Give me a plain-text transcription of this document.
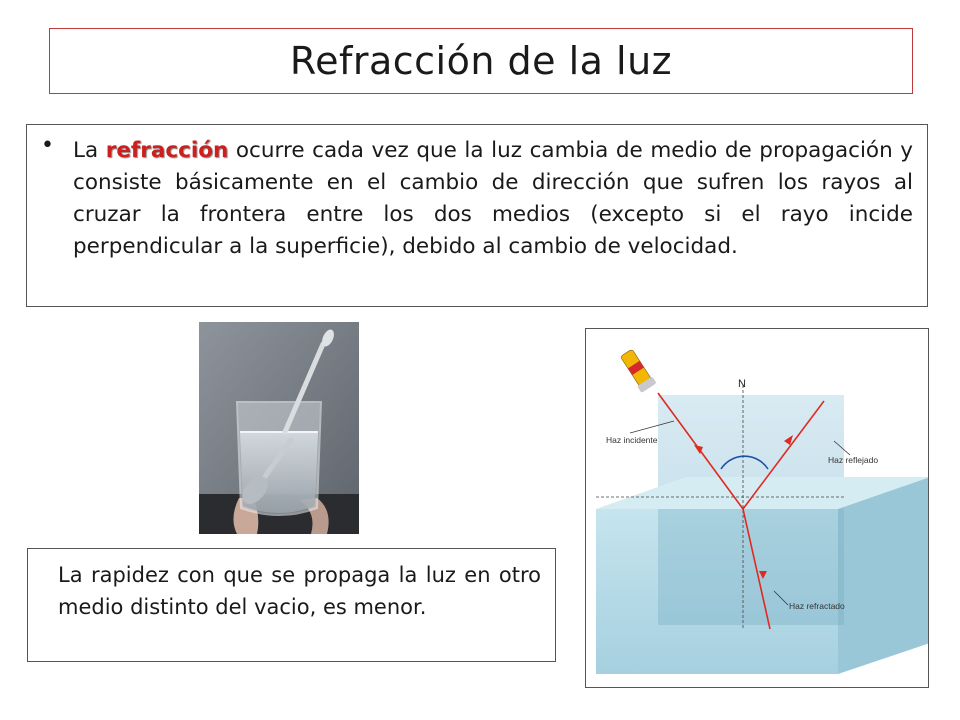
Refracción de la luz
• La refracción ocurre cada vez que la luz cambia de medio de propagación y consiste básicamente en el cambio de dirección que sufren los rayos al cruzar la frontera entre los dos medios (excepto si el rayo incide perpendicular a la superficie), debido al cambio de velocidad.

La rapidez con que se propaga la luz en otro medio distinto del vacio, es menor.

N
Haz incidente
Haz reflejado
Haz refractado
